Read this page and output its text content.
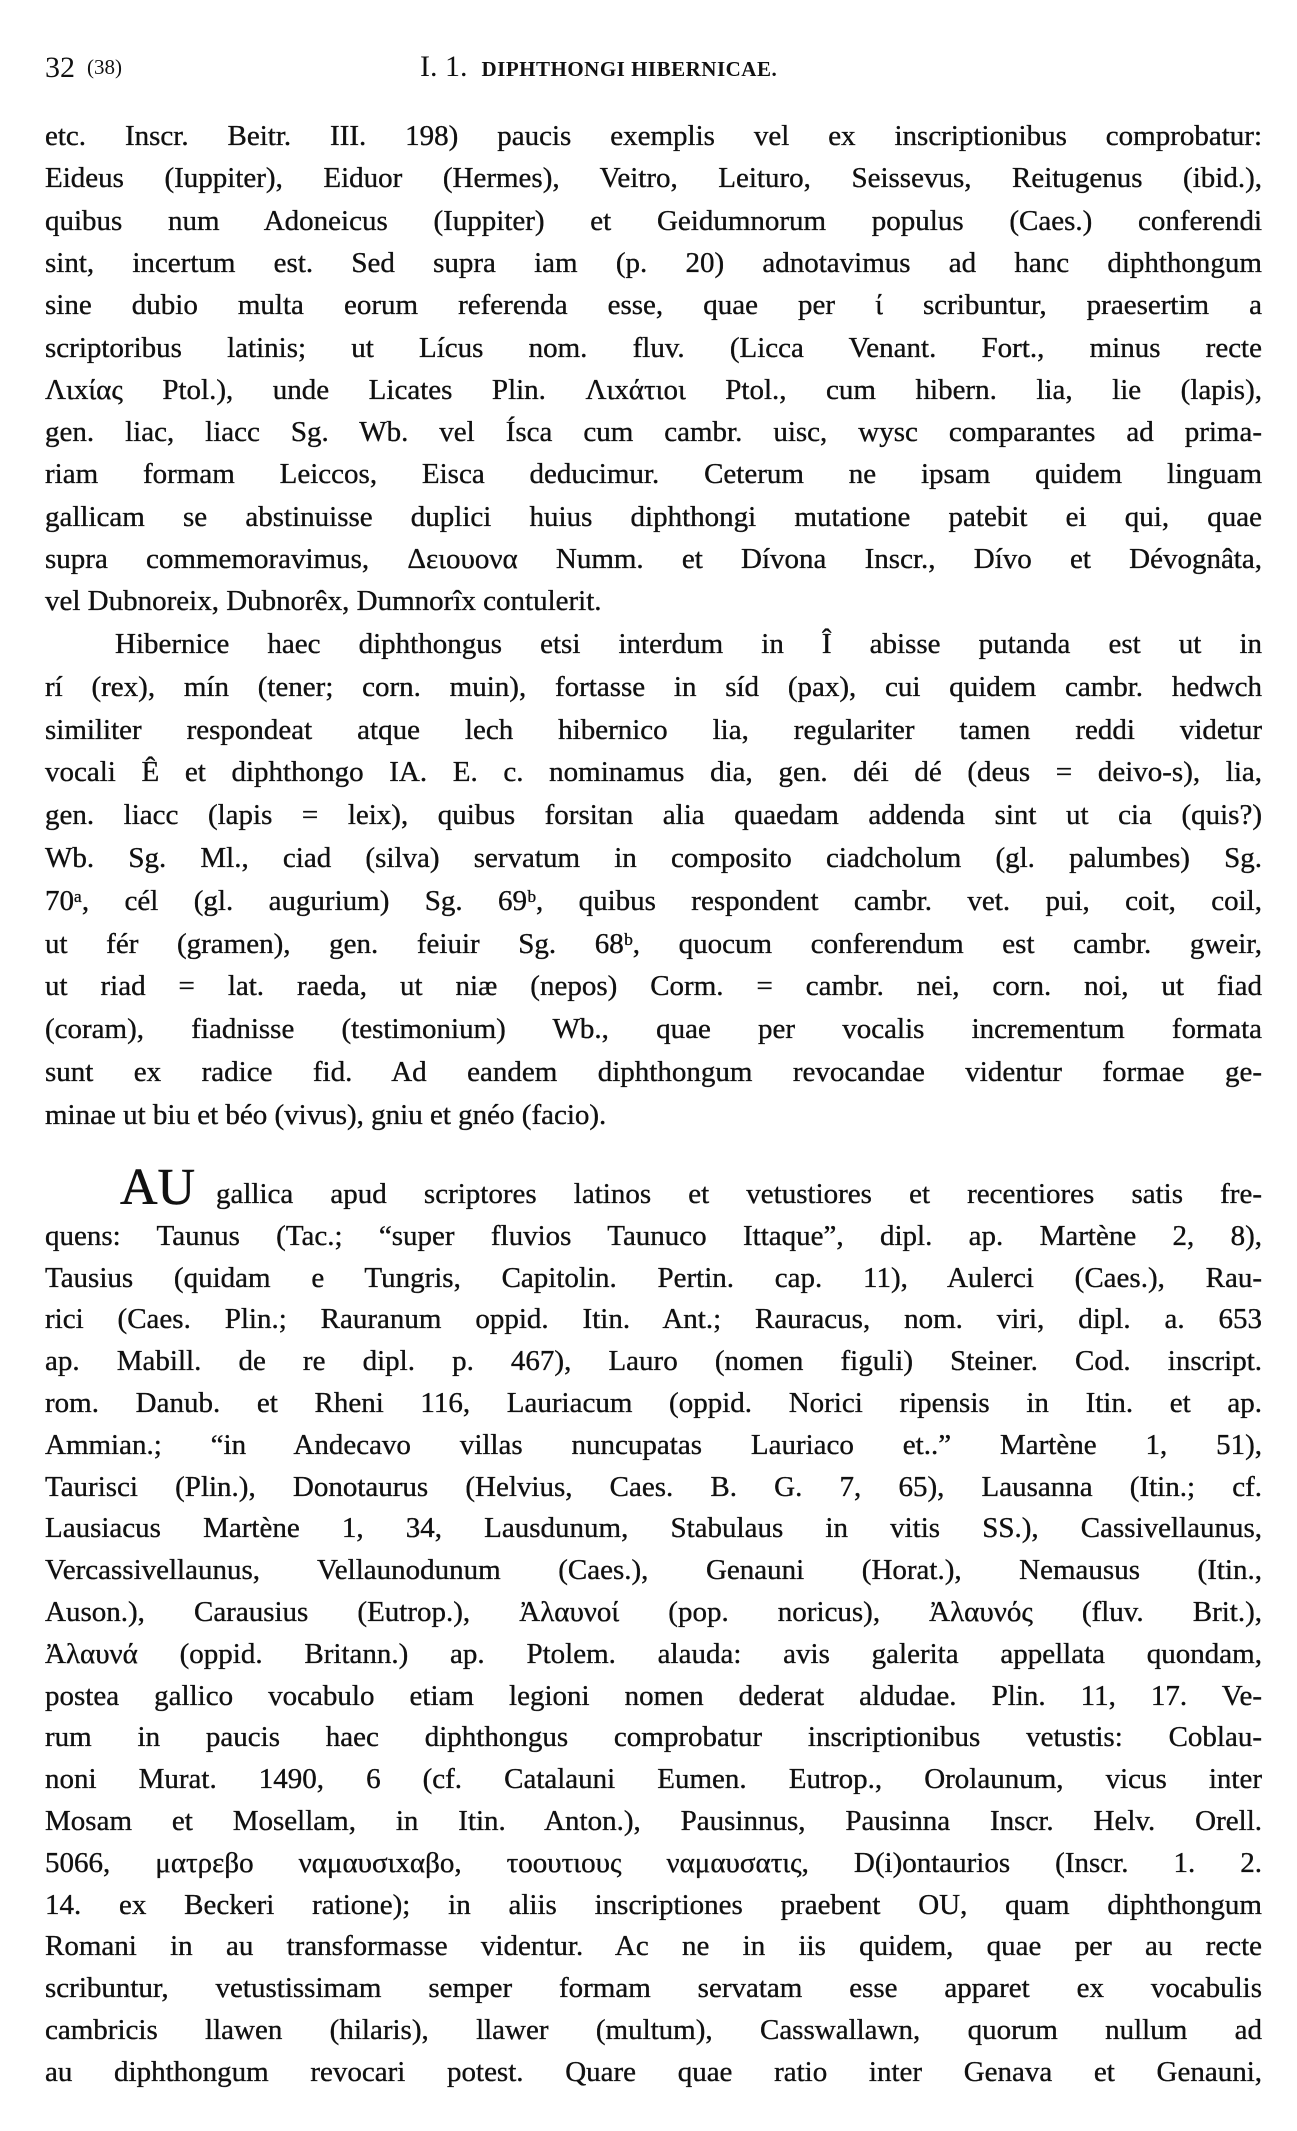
32 (38)	I. 1. DIPHTHONGI HIBERNICAE.
etc. Inscr. Beitr. III. 198) paucis exemplis vel ex inscriptionibus comprobatur:
Eideus (Iuppiter), Eiduor (Hermes), Veitro, Leituro, Seissevus, Reitugenus (ibid.),
quibus num Adoneicus (Iuppiter) et Geidumnorum populus (Caes.) conferendi
sint, incertum est. Sed supra iam (p. 20) adnotavimus ad hanc diphthongum
sine dubio multa eorum referenda esse, quae per ί scribuntur, praesertim a
scriptoribus latinis; ut Lícus nom. fluv. (Licca Venant. Fort., minus recte
Λιxίας Ptol.), unde Licates Plin. Λιxάτιοι Ptol., cum hibern. lia, lie (lapis),
gen. liac, liacc Sg. Wb. vel Ísca cum cambr. uisc, wysc comparantes ad prima-
riam formam Leiccos, Eisca deducimur. Ceterum ne ipsam quidem linguam
gallicam se abstinuisse duplici huius diphthongi mutatione patebit ei qui, quae
supra commemoravimus, Δειουονα Numm. et Dívona Inscr., Dívo et Dévognâta,
vel Dubnoreix, Dubnorêx, Dumnorîx contulerit.
Hibernice haec diphthongus etsi interdum in Î abisse putanda est ut in
rí (rex), mín (tener; corn. muin), fortasse in síd (pax), cui quidem cambr. hedwch
similiter respondeat atque lech hibernico lia, regulariter tamen reddi videtur
vocali Ê et diphthongo IA. E. c. nominamus dia, gen. déi dé (deus = deivo-s), lia,
gen. liacc (lapis = leix), quibus forsitan alia quaedam addenda sint ut cia (quis?)
Wb. Sg. Ml., ciad (silva) servatum in composito ciadcholum (gl. palumbes) Sg.
70ᵃ, cél (gl. augurium) Sg. 69ᵇ, quibus respondent cambr. vet. pui, coit, coil,
ut fér (gramen), gen. feiuir Sg. 68ᵇ, quocum conferendum est cambr. gweir,
ut riad = lat. raeda, ut niæ (nepos) Corm. = cambr. nei, corn. noi, ut fiad
(coram), fiadnisse (testimonium) Wb., quae per vocalis incrementum formata
sunt ex radice fid. Ad eandem diphthongum revocandae videntur formae ge-
minae ut biu et béo (vivus), gniu et gnéo (facio).
gallica apud scriptores latinos et vetustiores et recentiores satis fre-
quens: Taunus (Tac.; “super fluvios Taunuco Ittaque”, dipl. ap. Martène 2, 8),
Tausius (quidam e Tungris, Capitolin. Pertin. cap. 11), Aulerci (Caes.), Rau-
rici (Caes. Plin.; Rauranum oppid. Itin. Ant.; Rauracus, nom. viri, dipl. a. 653
ap. Mabill. de re dipl. p. 467), Lauro (nomen figuli) Steiner. Cod. inscript.
rom. Danub. et Rheni 116, Lauriacum (oppid. Norici ripensis in Itin. et ap.
Ammian.; “in Andecavo villas nuncupatas Lauriaco et..” Martène 1, 51),
Taurisci (Plin.), Donotaurus (Helvius, Caes. B. G. 7, 65), Lausanna (Itin.; cf.
Lausiacus Martène 1, 34, Lausdunum, Stabulaus in vitis SS.), Cassivellaunus,
Vercassivellaunus, Vellaunodunum (Caes.), Genauni (Horat.), Nemausus (Itin.,
Auson.), Carausius (Eutrop.), Ἀλαυνοί (pop. noricus), Ἀλαυνός (fluv. Brit.),
Ἀλαυνά (oppid. Britann.) ap. Ptolem. alauda: avis galerita appellata quondam,
postea gallico vocabulo etiam legioni nomen dederat aldudae. Plin. 11, 17. Ve-
rum in paucis haec diphthongus comprobatur inscriptionibus vetustis: Coblau-
noni Murat. 1490, 6 (cf. Catalauni Eumen. Eutrop., Orolaunum, vicus inter
Mosam et Mosellam, in Itin. Anton.), Pausinnus, Pausinna Inscr. Helv. Orell.
5066, ματρεβο ναμαυσιxαβο, τοουτιους ναμαυσατις, D(i)ontaurios (Inscr. 1. 2.
14. ex Beckeri ratione); in aliis inscriptiones praebent OU, quam diphthongum
Romani in au transformasse videntur. Ac ne in iis quidem, quae per au recte
scribuntur, vetustissimam semper formam servatam esse apparet ex vocabulis
cambricis llawen (hilaris), llawer (multum), Casswallawn, quorum nullum ad
au diphthongum revocari potest. Quare quae ratio inter Genava et Genauni,
AU
